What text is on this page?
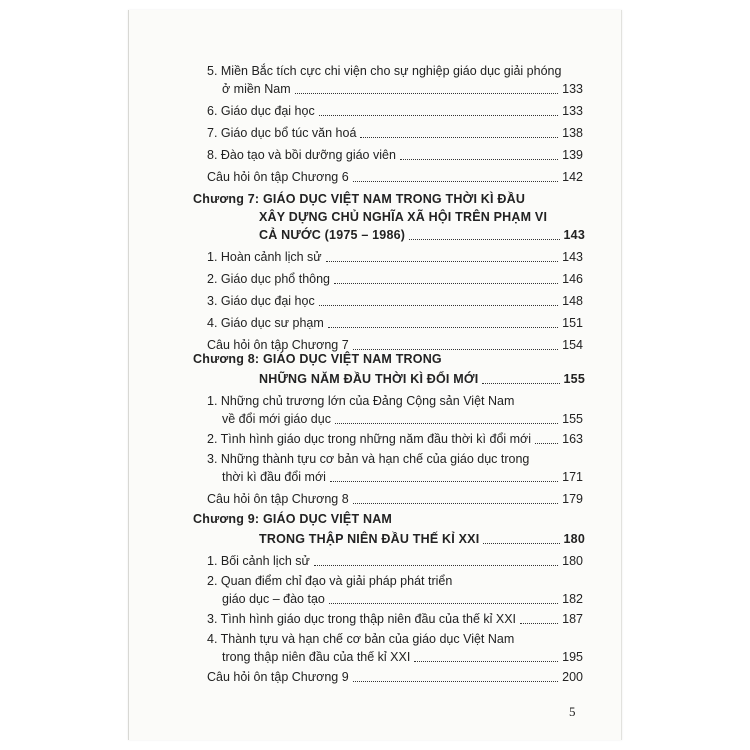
5. Miền Bắc tích cực chi viện cho sự nghiệp giáo dục giải phóng
ở miền Nam	133
6. Giáo dục đại học	133
7. Giáo dục bổ túc văn hoá	138
8. Đào tạo và bồi dưỡng giáo viên	139
Câu hỏi ôn tập Chương 6	142
Chương 7: GIÁO DỤC VIỆT NAM TRONG THỜI KÌ ĐẦU
XÂY DỰNG CHỦ NGHĨA XÃ HỘI TRÊN PHẠM VI
CẢ NƯỚC (1975 – 1986)	143
1. Hoàn cảnh lịch sử	143
2. Giáo dục phổ thông	146
3. Giáo dục đại học	148
4. Giáo dục sư phạm	151
Câu hỏi ôn tập Chương 7	154
Chương 8: GIÁO DỤC VIỆT NAM TRONG
NHỮNG NĂM ĐẦU THỜI KÌ ĐỔI MỚI	155
1. Những chủ trương lớn của Đảng Cộng sản Việt Nam
về đổi mới giáo dục	155
2. Tình hình giáo dục trong những năm đầu thời kì đổi mới 163
3. Những thành tựu cơ bản và hạn chế của giáo dục trong
thời kì đầu đổi mới	171
Câu hỏi ôn tập Chương 8	179
Chương 9: GIÁO DỤC VIỆT NAM
TRONG THẬP NIÊN ĐẦU THẾ KỈ XXI	180
1. Bối cảnh lịch sử	180
2. Quan điểm chỉ đạo và giải pháp phát triển
giáo dục – đào tạo	182
3. Tình hình giáo dục trong thập niên đầu của thế kỉ XXI	187
4. Thành tựu và hạn chế cơ bản của giáo dục Việt Nam
trong thập niên đầu của thế kỉ XXI	195
Câu hỏi ôn tập Chương 9	200
5
